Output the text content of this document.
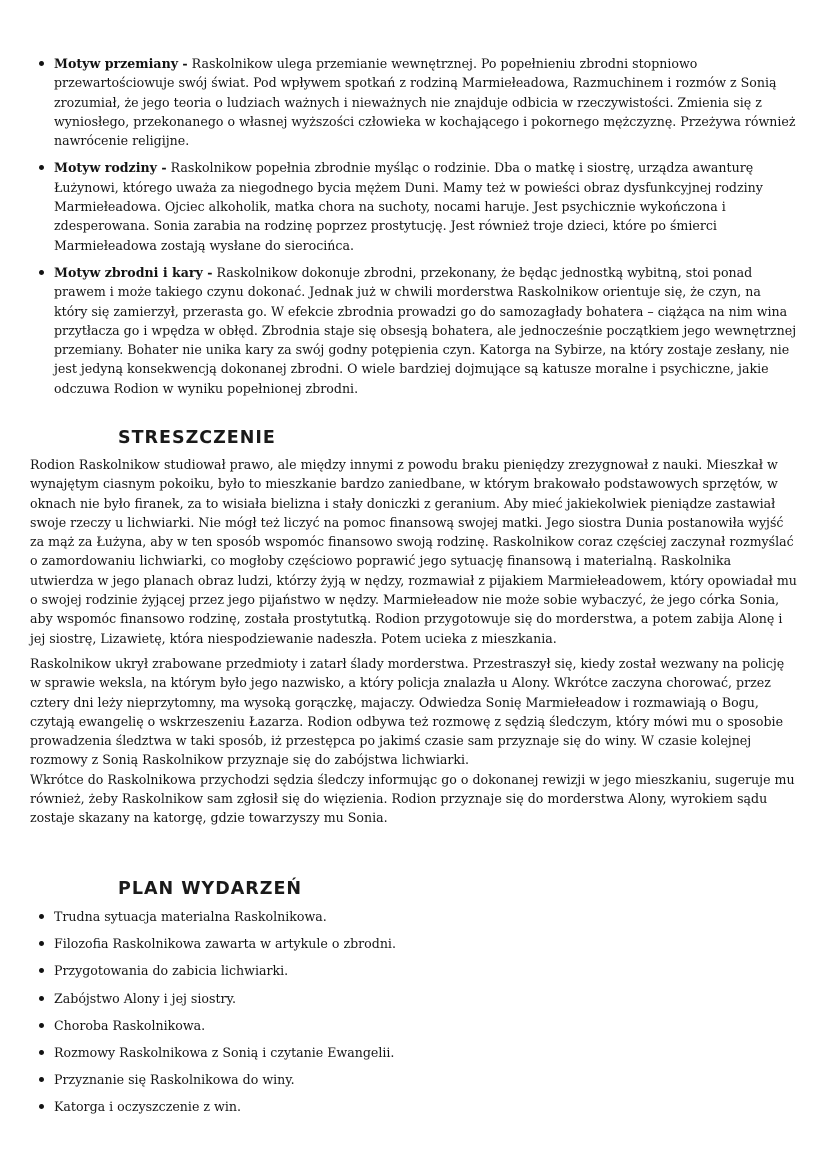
Motyw przemiany - Raskolnikow ulega przemianie wewnętrznej. Po popełnieniu zbrodni stopniowo przewartościowuje swój świat. Pod wpływem spotkań z rodziną Marmiełeadowa, Razmuchinem i rozmów z Sonią zrozumiał, że jego teoria o ludziach ważnych i nieważnych nie znajduje odbicia w rzeczywistości. Zmienia się z wyniosłego, przekonanego o własnej wyższości człowieka w kochającego i pokornego mężczyznę. Przeżywa również nawrócenie religijne.
Motyw rodziny - Raskolnikow popełnia zbrodnie myśląc o rodzinie. Dba o matkę i siostrę, urządza awanturę Łużynowi, którego uważa za niegodnego bycia mężem Duni. Mamy też w powieści obraz dysfunkcyjnej rodziny Marmiełeadowa. Ojciec alkoholik, matka chora na suchoty, nocami haruje. Jest psychicznie wykończona i zdesperowana. Sonia zarabia na rodzinę poprzez prostytucję. Jest również troje dzieci, które po śmierci Marmiełeadowa zostają wysłane do sierocińca.
Motyw zbrodni i kary - Raskolnikow dokonuje zbrodni, przekonany, że będąc jednostką wybitną, stoi ponad prawem i może takiego czynu dokonać. Jednak już w chwili morderstwa Raskolnikow orientuje się, że czyn, na który się zamierzył, przerasta go. W efekcie zbrodnia prowadzi go do samozagłady bohatera – ciążąca na nim wina przytłacza go i wpędza w obłęd. Zbrodnia staje się obsesją bohatera, ale jednocześnie początkiem jego wewnętrznej przemiany. Bohater nie unika kary za swój godny potępienia czyn. Katorga na Sybirze, na który zostaje zesłany, nie jest jedyną konsekwencją dokonanej zbrodni. O wiele bardziej dojmujące są katusze moralne i psychiczne, jakie odczuwa Rodion w wyniku popełnionej zbrodni.
STRESZCZENIE

Rodion Raskolnikow studiował prawo, ale między innymi z powodu braku pieniędzy zrezygnował z nauki. Mieszkał w wynajętym ciasnym pokoiku, było to mieszkanie bardzo zaniedbane, w którym brakowało podstawowych sprzętów, w oknach nie było firanek, za to wisiała bielizna i stały doniczki z geranium. Aby mieć jakiekolwiek pieniądze zastawiał swoje rzeczy u lichwiarki. Nie mógł też liczyć na pomoc finansową swojej matki. Jego siostra Dunia postanowiła wyjść za mąż za Łużyna, aby w ten sposób wspomóc finansowo swoją rodzinę. Raskolnikow coraz częściej zaczynał rozmyślać o zamordowaniu lichwiarki, co mogłoby częściowo poprawić jego sytuację finansową i materialną. Raskolnika utwierdza w jego planach obraz ludzi, którzy żyją w nędzy, rozmawiał z pijakiem Marmiełeadowem, który opowiadał mu o swojej rodzinie żyjącej przez jego pijaństwo w nędzy. Marmiełeadow nie może sobie wybaczyć, że jego córka Sonia, aby wspomóc finansowo rodzinę, została prostytutką. Rodion przygotowuje się do morderstwa, a potem zabija Alonę i jej siostrę, Lizawietę, która niespodziewanie nadeszła. Potem ucieka z mieszkania.

Raskolnikow ukrył zrabowane przedmioty i zatarł ślady morderstwa. Przestraszył się, kiedy został wezwany na policję w sprawie weksla, na którym było jego nazwisko, a który policja znalazła u Alony. Wkrótce zaczyna chorować, przez cztery dni leży nieprzytomny, ma wysoką gorączkę, majaczy. Odwiedza Sonię Marmiełeadow i rozmawiają o Bogu, czytają ewangelię o wskrzeszeniu Łazarza. Rodion odbywa też rozmowę z sędzią śledczym, który mówi mu o sposobie prowadzenia śledztwa w taki sposób, iż przestępca po jakimś czasie sam przyznaje się do winy. W czasie kolejnej rozmowy z Sonią Raskolnikow przyznaje się do zabójstwa lichwiarki.

Wkrótce do Raskolnikowa przychodzi sędzia śledczy informując go o dokonanej rewizji w jego mieszkaniu, sugeruje mu również, żeby Raskolnikow sam zgłosił się do więzienia. Rodion przyznaje się do morderstwa Alony, wyrokiem sądu zostaje skazany na katorgę, gdzie towarzyszy mu Sonia.

PLAN WYDARZEŃ
Trudna sytuacja materialna Raskolnikowa.
Filozofia Raskolnikowa zawarta w artykule o zbrodni.
Przygotowania do zabicia lichwiarki.
Zabójstwo Alony i jej siostry.
Choroba Raskolnikowa.
Rozmowy Raskolnikowa z Sonią i czytanie Ewangelii.
Przyznanie się Raskolnikowa do winy.
Katorga i oczyszczenie z win.
